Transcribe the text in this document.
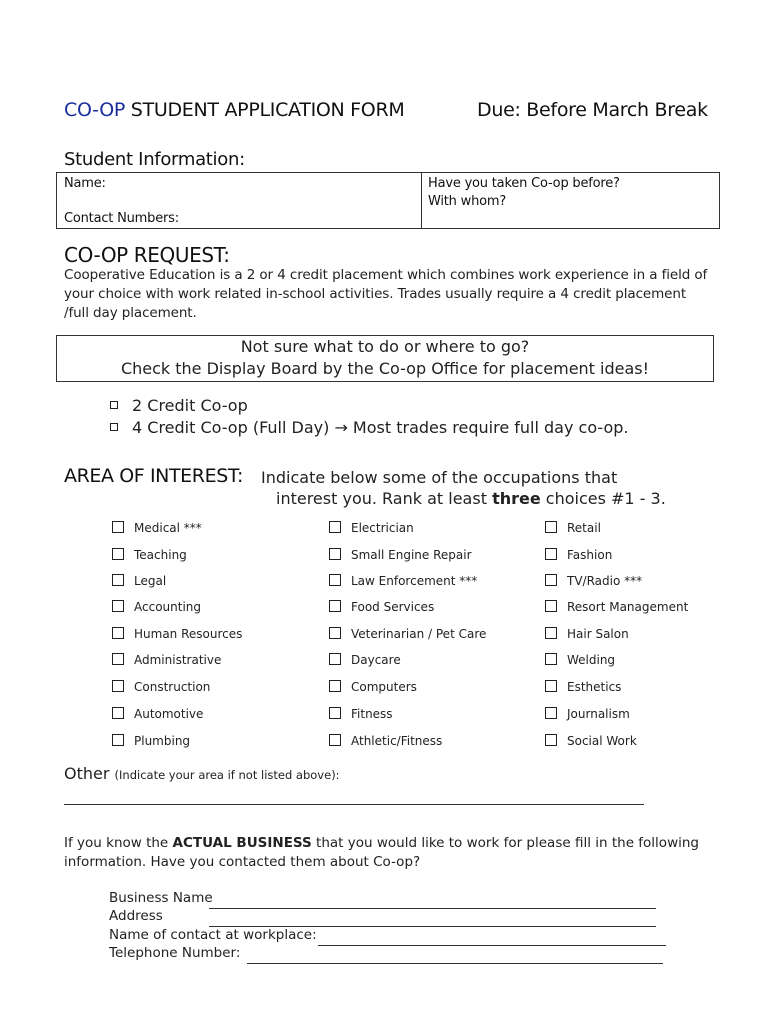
CO-OP STUDENT APPLICATION FORM	Due: Before March Break
Student Information:
Name:
Contact Numbers:
Have you taken Co-op before?
With whom?
CO-OP REQUEST:
Cooperative Education is a 2 or 4 credit placement which combines work experience in a field of your choice with work related in-school activities. Trades usually require a 4 credit placement /full day placement.
Not sure what to do or where to go?
Check the Display Board by the Co-op Office for placement ideas!
2 Credit Co-op
4 Credit Co-op (Full Day) → Most trades require full day co-op.
AREA OF INTEREST: Indicate below some of the occupations that
interest you. Rank at least three choices #1 - 3.
Medical ***	Electrician	Retail
Teaching	Small Engine Repair	Fashion
Legal	Law Enforcement ***	TV/Radio ***
Accounting	Food Services	Resort Management
Human Resources	Veterinarian / Pet Care	Hair Salon
Administrative	Daycare	Welding
Construction	Computers	Esthetics
Automotive	Fitness	Journalism
Plumbing	Athletic/Fitness	Social Work
Other (Indicate your area if not listed above):
If you know the ACTUAL BUSINESS that you would like to work for please fill in the following information. Have you contacted them about Co-op?
Business Name
Address
Name of contact at workplace:
Telephone Number:
